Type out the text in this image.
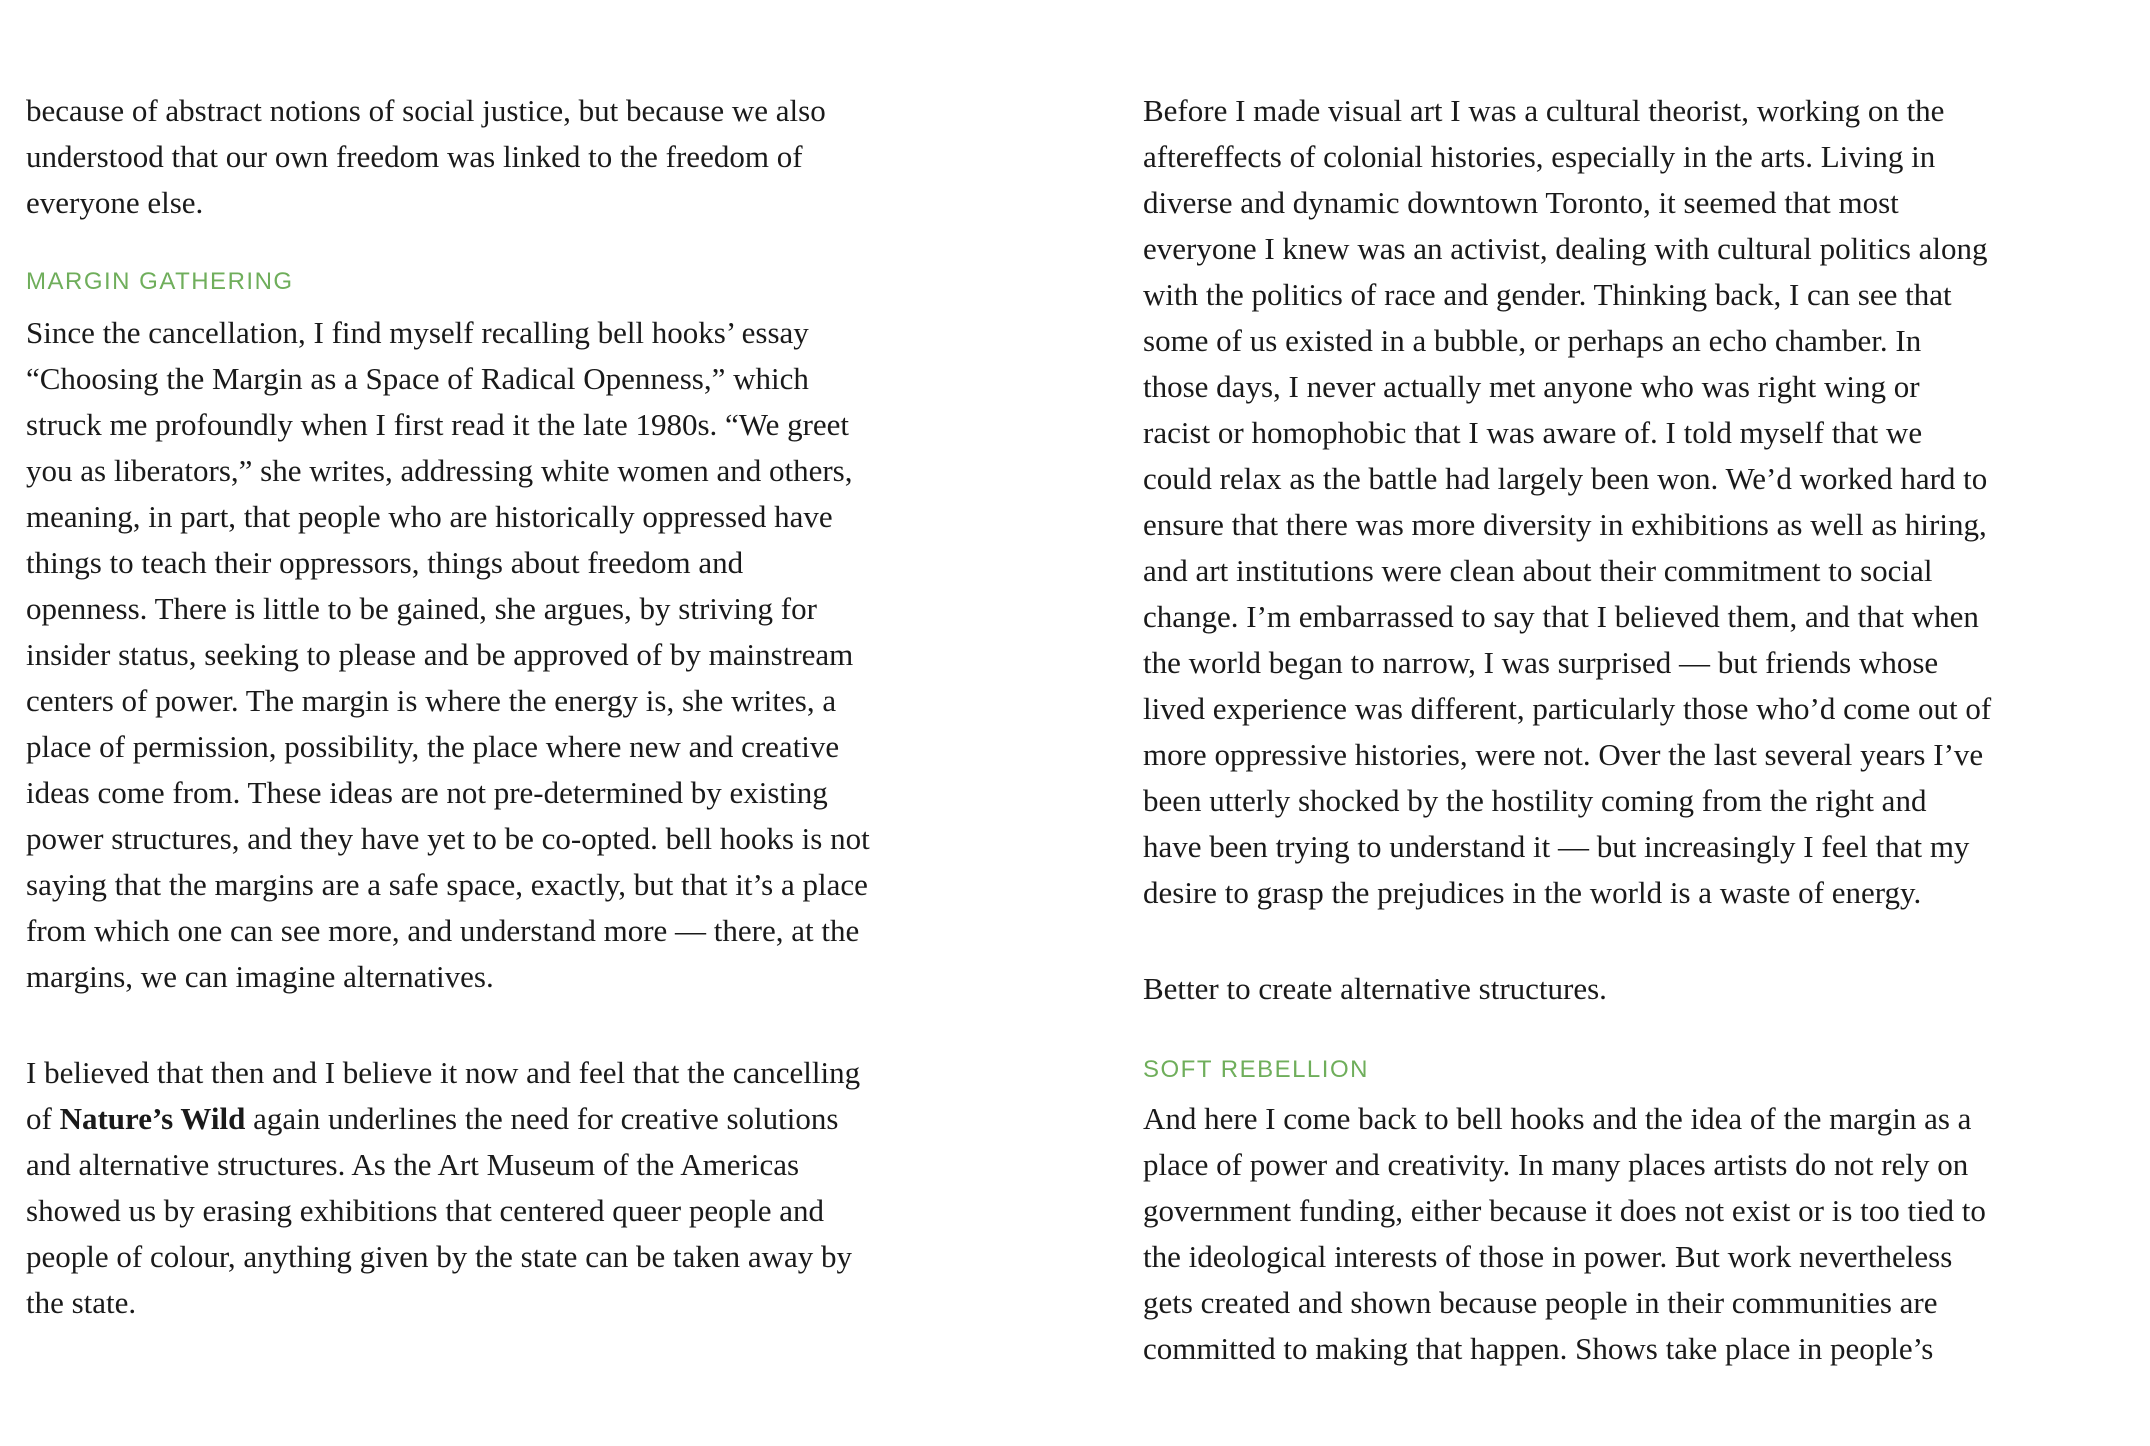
because of abstract notions of social justice, but because we also
understood that our own freedom was linked to the freedom of
everyone else.

MARGIN GATHERING

Since the cancellation, I find myself recalling bell hooks’ essay
“Choosing the Margin as a Space of Radical Openness,” which
struck me profoundly when I first read it the late 1980s. “We greet
you as liberators,” she writes, addressing white women and others,
meaning, in part, that people who are historically oppressed have
things to teach their oppressors, things about freedom and
openness. There is little to be gained, she argues, by striving for
insider status, seeking to please and be approved of by mainstream
centers of power. The margin is where the energy is, she writes, a
place of permission, possibility, the place where new and creative
ideas come from. These ideas are not pre-determined by existing
power structures, and they have yet to be co-opted. bell hooks is not
saying that the margins are a safe space, exactly, but that it’s a place
from which one can see more, and understand more — there, at the
margins, we can imagine alternatives.

I believed that then and I believe it now and feel that the cancelling
of Nature’s Wild again underlines the need for creative solutions
and alternative structures. As the Art Museum of the Americas
showed us by erasing exhibitions that centered queer people and
people of colour, anything given by the state can be taken away by
the state.

Before I made visual art I was a cultural theorist, working on the
aftereffects of colonial histories, especially in the arts. Living in
diverse and dynamic downtown Toronto, it seemed that most
everyone I knew was an activist, dealing with cultural politics along
with the politics of race and gender. Thinking back, I can see that
some of us existed in a bubble, or perhaps an echo chamber. In
those days, I never actually met anyone who was right wing or
racist or homophobic that I was aware of. I told myself that we
could relax as the battle had largely been won. We’d worked hard to
ensure that there was more diversity in exhibitions as well as hiring,
and art institutions were clean about their commitment to social
change. I’m embarrassed to say that I believed them, and that when
the world began to narrow, I was surprised — but friends whose
lived experience was different, particularly those who’d come out of
more oppressive histories, were not. Over the last several years I’ve
been utterly shocked by the hostility coming from the right and
have been trying to understand it — but increasingly I feel that my
desire to grasp the prejudices in the world is a waste of energy.

Better to create alternative structures.

SOFT REBELLION

And here I come back to bell hooks and the idea of the margin as a
place of power and creativity. In many places artists do not rely on
government funding, either because it does not exist or is too tied to
the ideological interests of those in power. But work nevertheless
gets created and shown because people in their communities are
committed to making that happen. Shows take place in people’s
